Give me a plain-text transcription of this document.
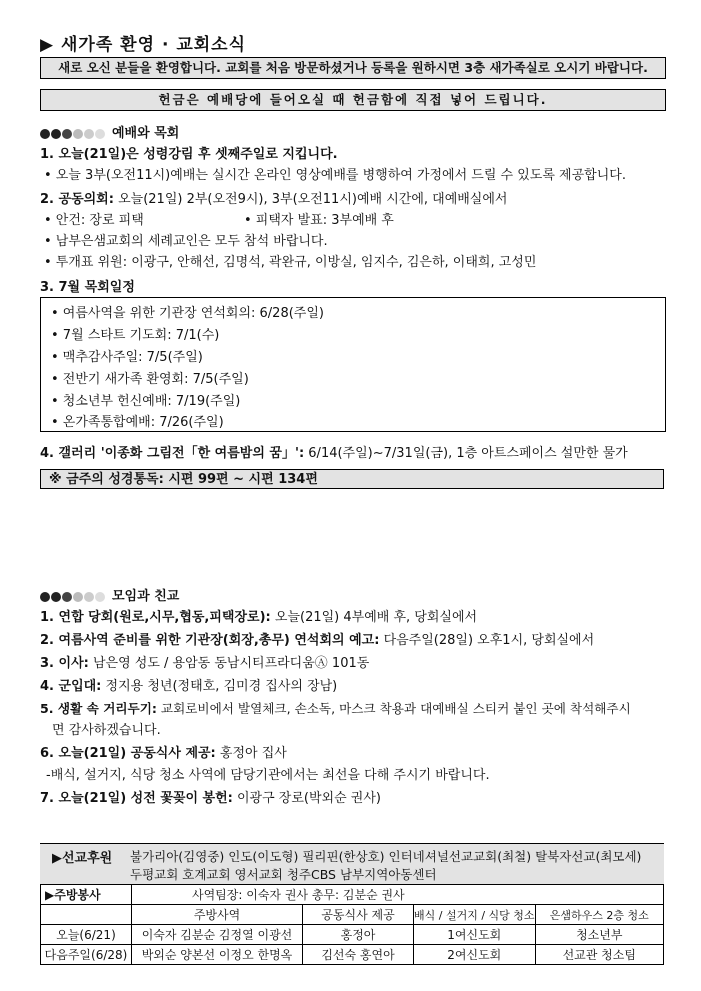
▶ 새가족 환영 · 교회소식
새로 오신 분들을 환영합니다. 교회를 처음 방문하셨거나 등록을 원하시면 3층 새가족실로 오시기 바랍니다.
헌금은 예배당에 들어오실 때 헌금함에 직접 넣어 드립니다.
예배와 목회
1. 오늘(21일)은 성령강림 후 셋째주일로 지킵니다.
• 오늘 3부(오전11시)예배는 실시간 온라인 영상예배를 병행하여 가정에서 드릴 수 있도록 제공합니다.
2. 공동의회: 오늘(21일) 2부(오전9시), 3부(오전11시)예배 시간에, 대예배실에서
• 안건: 장로 피택	• 피택자 발표: 3부예배 후
• 남부은샘교회의 세례교인은 모두 참석 바랍니다.
• 투개표 위원: 이광구, 안해선, 김명석, 곽완규, 이방실, 임지수, 김은하, 이태희, 고성민
3. 7월 목회일정
• 여름사역을 위한 기관장 연석회의: 6/28(주일)
• 7월 스타트 기도회: 7/1(수)
• 맥추감사주일: 7/5(주일)
• 전반기 새가족 환영회: 7/5(주일)
• 청소년부 헌신예배: 7/19(주일)
• 온가족통합예배: 7/26(주일)
4. 갤러리 '이종화 그림전「한 여름밤의 꿈」': 6/14(주일)~7/31일(금), 1층 아트스페이스 설만한 물가
※ 금주의 성경통독: 시편 99편 ~ 시편 134편
모임과 친교
1. 연합 당회(원로,시무,협동,피택장로): 오늘(21일) 4부예배 후, 당회실에서
2. 여름사역 준비를 위한 기관장(회장,총무) 연석회의 예고: 다음주일(28일) 오후1시, 당회실에서
3. 이사: 남은영 성도 / 용암동 동남시티프라디움Ⓐ 101동
4. 군입대: 정지용 청년(정태호, 김미경 집사의 장남)
5. 생활 속 거리두기: 교회로비에서 발열체크, 손소독, 마스크 착용과 대예배실 스티커 붙인 곳에 착석해주시
면 감사하겠습니다.
6. 오늘(21일) 공동식사 제공: 홍정아 집사
-배식, 설거지, 식당 청소 사역에 담당기관에서는 최선을 다해 주시기 바랍니다.
7. 오늘(21일) 성전 꽃꽂이 봉헌: 이광구 장로(박외순 권사)
▶선교후원 불가리아(김영중) 인도(이도형) 필리핀(한상호) 인터네셔널선교교회(최철) 탈북자선교(최모세)
두평교회 호계교회 영서교회 청주CBS 남부지역아동센터
▶주방봉사	사역팀장: 이숙자 권사 총무: 김분순 권사			
	주방사역	공동식사 제공	배식 / 설거지 / 식당 청소	은샘하우스 2층 청소
오늘(6/21)	이숙자 김분순 김정열 이광선	홍정아	1여신도회	청소년부
다음주일(6/28)	박외순 양본선 이정오 한명옥	김선숙 홍연아	2여신도회	선교관 청소팀
